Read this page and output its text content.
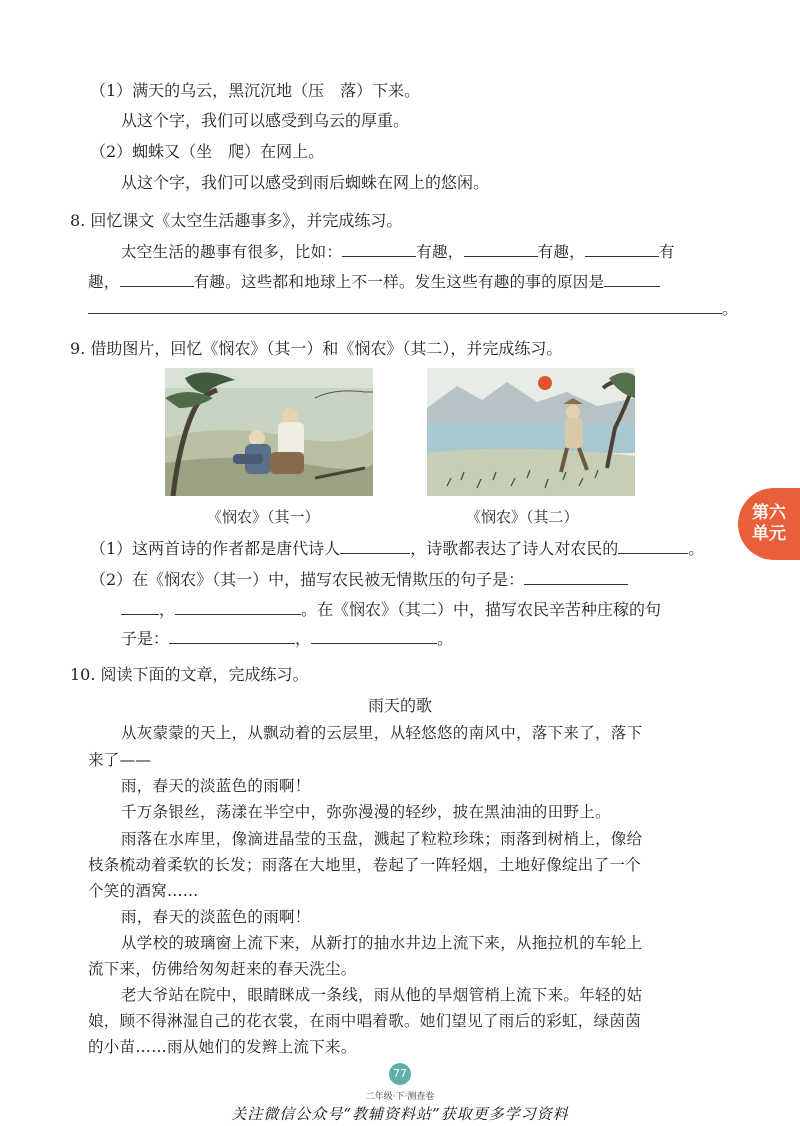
（1）满天的乌云，黑沉沉地（压　落）下来。
从这个字，我们可以感受到乌云的厚重。
（2）蜘蛛又（坐　爬）在网上。
从这个字，我们可以感受到雨后蜘蛛在网上的悠闲。
8. 回忆课文《太空生活趣事多》，并完成练习。
太空生活的趣事有很多，比如：	有趣，	有趣，	有
趣，	有趣。这些都和地球上不一样。发生这些有趣的事的原因是
。
9. 借助图片，回忆《悯农》（其一）和《悯农》（其二），并完成练习。
《悯农》（其一）	《悯农》（其二）
（1）这两首诗的作者都是唐代诗人	，诗歌都表达了诗人对农民的	。
（2）在《悯农》（其一）中，描写农民被无情欺压的句子是：
，	。在《悯农》（其二）中，描写农民辛苦种庄稼的句
子是：	，	。
10. 阅读下面的文章，完成练习。
雨天的歌
从灰蒙蒙的天上，从飘动着的云层里，从轻悠悠的南风中，落下来了，落下
来了——
雨，春天的淡蓝色的雨啊！
千万条银丝，荡漾在半空中，弥弥漫漫的轻纱，披在黑油油的田野上。
雨落在水库里，像滴进晶莹的玉盘，溅起了粒粒珍珠；雨落到树梢上，像给
枝条梳动着柔软的长发；雨落在大地里，卷起了一阵轻烟，土地好像绽出了一个
个笑的酒窝……
雨，春天的淡蓝色的雨啊！
从学校的玻璃窗上流下来，从新打的抽水井边上流下来，从拖拉机的车轮上
流下来，仿佛给匆匆赶来的春天洗尘。
老大爷站在院中，眼睛眯成一条线，雨从他的旱烟管梢上流下来。年轻的姑
娘，顾不得淋湿自己的花衣裳，在雨中唱着歌。她们望见了雨后的彩虹，绿茵茵
的小苗……雨从她们的发辫上流下来。
第六
单元
77
二年级·下·测查卷
关注微信公众号“教辅资料站”获取更多学习资料
